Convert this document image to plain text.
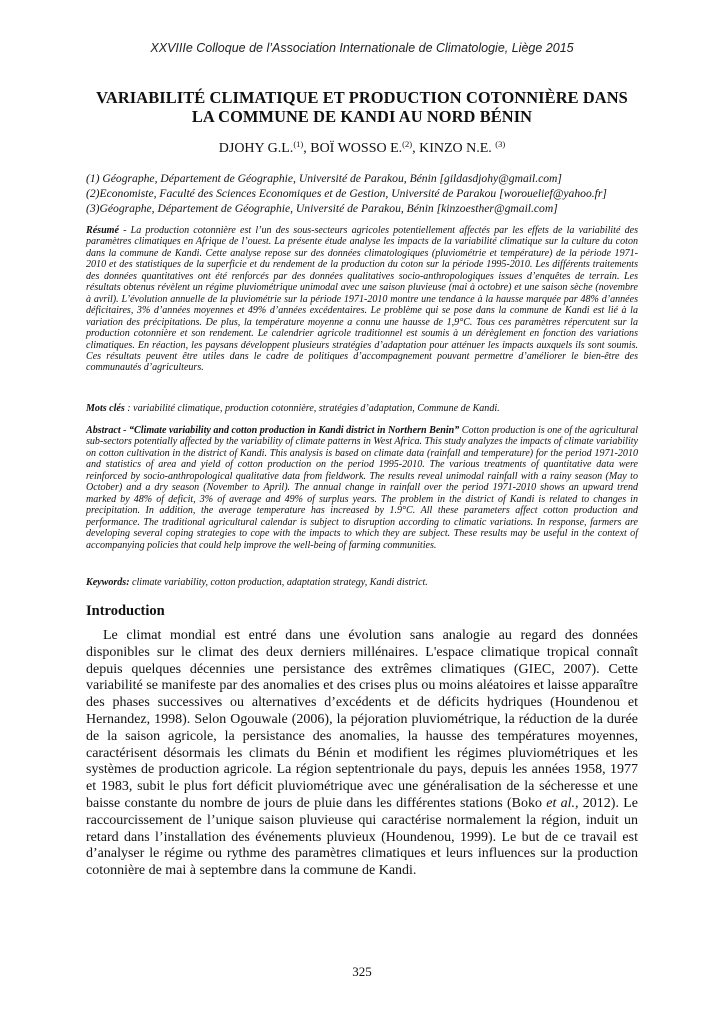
XXVIIIe Colloque de l’Association Internationale de Climatologie, Liège 2015
VARIABILITÉ CLIMATIQUE ET PRODUCTION COTONNIÈRE DANS
LA COMMUNE DE KANDI AU NORD BÉNIN
DJOHY G.L.$^{(1)}$, BOÏ WOSSO E.$^{(2)}$, KINZO N.E. $^{(3)}$
(1) Géographe, Département de Géographie, Université de Parakou, Bénin [gildasdjohy@gmail.com]
(2)Economiste, Faculté des Sciences Economiques et de Gestion, Université de Parakou [worouelief@yahoo.fr]
(3)Géographe, Département de Géographie, Université de Parakou, Bénin [kinzoesther@gmail.com]
Résumé - La production cotonnière est l’un des sous-secteurs agricoles potentiellement affectés par les effets de la variabilité des paramètres climatiques en Afrique de l’ouest. La présente étude analyse les impacts de la variabilité climatique sur la culture du coton dans la commune de Kandi. Cette analyse repose sur des données climatologiques (pluviométrie et température) de la période 1971-2010 et des statistiques de la superficie et du rendement de la production du coton sur la période 1995-2010. Les différents traitements des données quantitatives ont été renforcés par des données qualitatives socio-anthropologiques issues d’enquêtes de terrain. Les résultats obtenus révèlent un régime pluviométrique unimodal avec une saison pluvieuse (mai à octobre) et une saison sèche (novembre à avril). L’évolution annuelle de la pluviométrie sur la période 1971-2010 montre une tendance à la hausse marquée par 48% d’années déficitaires, 3% d’années moyennes et 49% d’années excédentaires. Le problème qui se pose dans la commune de Kandi est lié à la variation des précipitations. De plus, la température moyenne a connu une hausse de 1,9°C. Tous ces paramètres répercutent sur la production cotonnière et son rendement. Le calendrier agricole traditionnel est soumis à un dérèglement en fonction des variations climatiques. En réaction, les paysans développent plusieurs stratégies d’adaptation pour atténuer les impacts auxquels ils sont soumis. Ces résultats peuvent être utiles dans le cadre de politiques d’accompagnement pouvant permettre d’améliorer le bien-être des communautés d’agriculteurs.
Mots clés : variabilité climatique, production cotonnière, stratégies d’adaptation, Commune de Kandi.
Abstract - “Climate variability and cotton production in Kandi district in Northern Benin” Cotton production is one of the agricultural sub-sectors potentially affected by the variability of climate patterns in West Africa. This study analyzes the impacts of climate variability on cotton cultivation in the district of Kandi. This analysis is based on climate data (rainfall and temperature) for the period 1971-2010 and statistics of area and yield of cotton production on the period 1995-2010. The various treatments of quantitative data were reinforced by socio-anthropological qualitative data from fieldwork. The results reveal unimodal rainfall with a rainy season (May to October) and a dry season (November to April). The annual change in rainfall over the period 1971-2010 shows an upward trend marked by 48% of deficit, 3% of average and 49% of surplus years. The problem in the district of Kandi is related to changes in precipitation. In addition, the average temperature has increased by 1.9°C. All these parameters affect cotton production and performance. The traditional agricultural calendar is subject to disruption according to climatic variations. In response, farmers are developing several coping strategies to cope with the impacts to which they are subject. These results may be useful in the context of accompanying policies that could help improve the well-being of farming communities.
Keywords: climate variability, cotton production, adaptation strategy, Kandi district.
Introduction
Le climat mondial est entré dans une évolution sans analogie au regard des données disponibles sur le climat des deux derniers millénaires. L'espace climatique tropical connaît depuis quelques décennies une persistance des extrêmes climatiques (GIEC, 2007). Cette variabilité se manifeste par des anomalies et des crises plus ou moins aléatoires et laisse apparaître des phases successives ou alternatives d’excédents et de déficits hydriques (Houndenou et Hernandez, 1998). Selon Ogouwale (2006), la péjoration pluviométrique, la réduction de la durée de la saison agricole, la persistance des anomalies, la hausse des températures moyennes, caractérisent désormais les climats du Bénin et modifient les régimes pluviométriques et les systèmes de production agricole. La région septentrionale du pays, depuis les années 1958, 1977 et 1983, subit le plus fort déficit pluviométrique avec une généralisation de la sécheresse et une baisse constante du nombre de jours de pluie dans les différentes stations (Boko et al., 2012). Le raccourcissement de l’unique saison pluvieuse qui caractérise normalement la région, induit un retard dans l’installation des événements pluvieux (Houndenou, 1999). Le but de ce travail est d’analyser le régime ou rythme des paramètres climatiques et leurs influences sur la production cotonnière de mai à septembre dans la commune de Kandi.
325
